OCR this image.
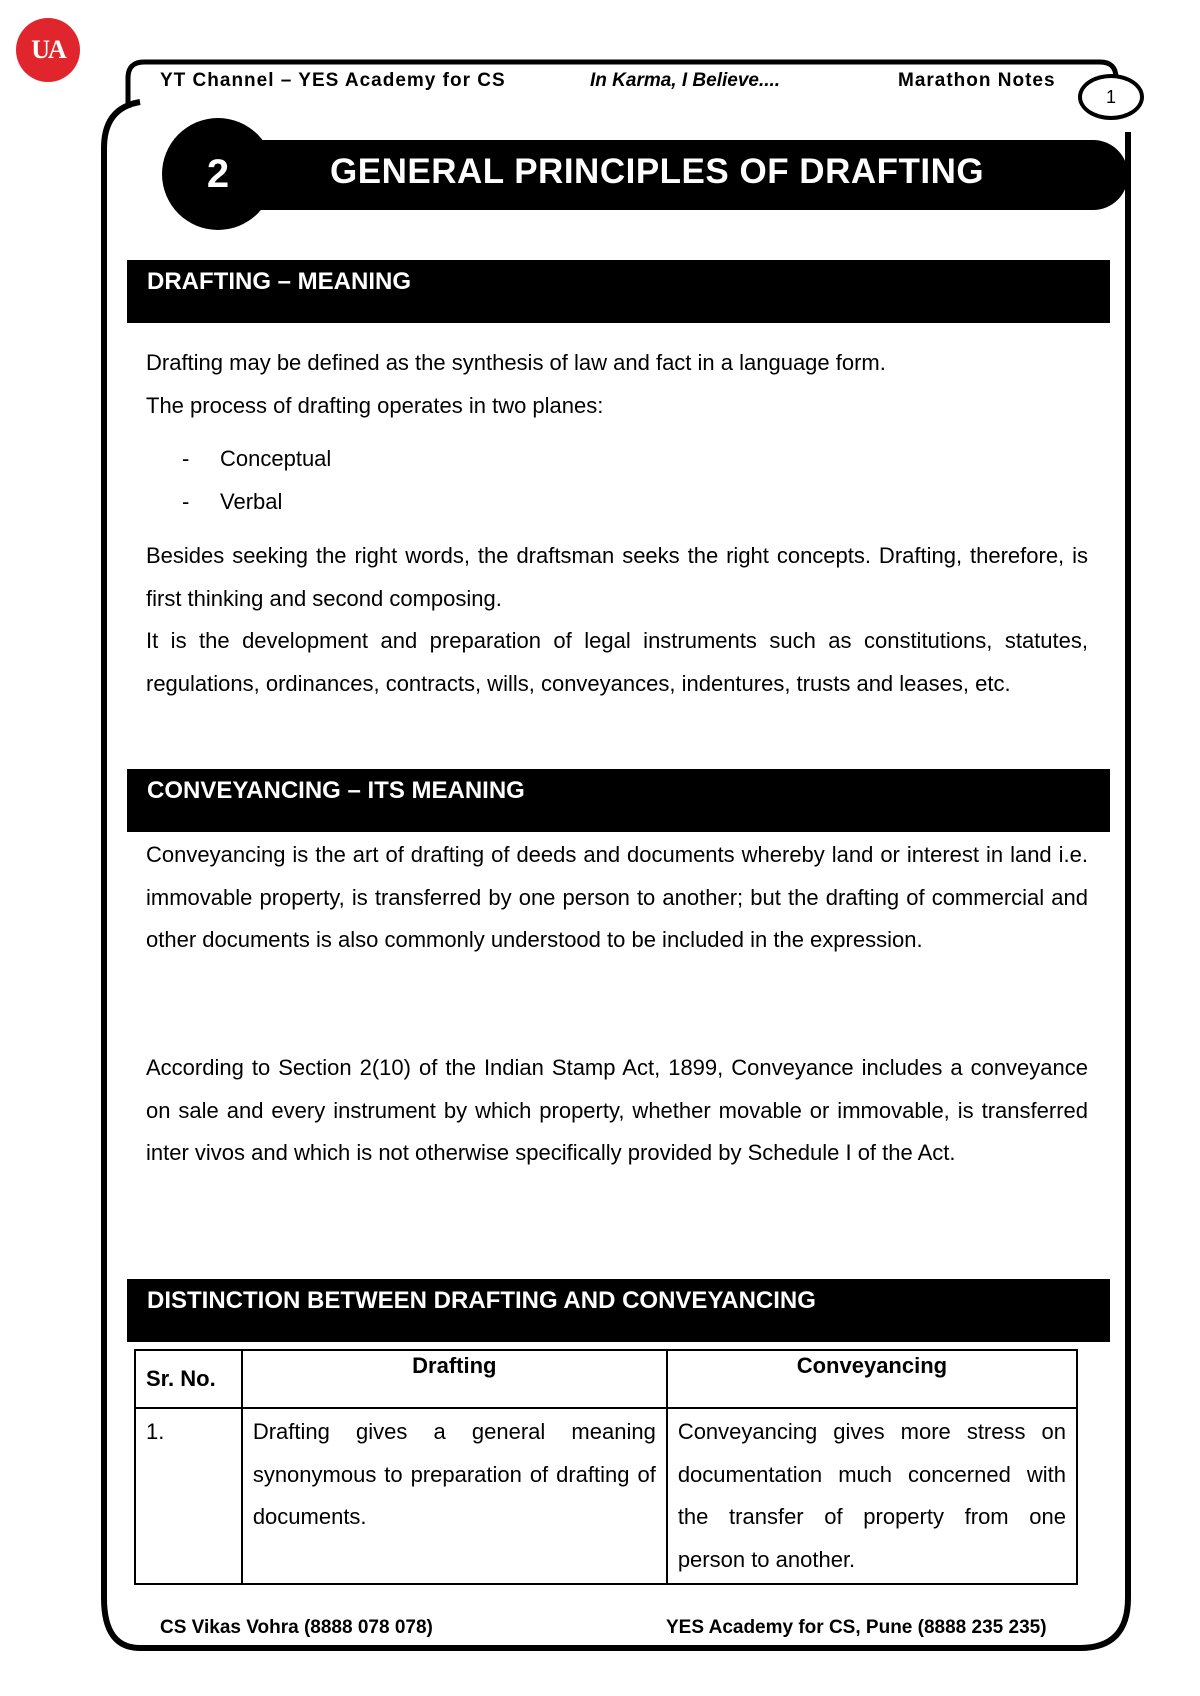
UA
YT Channel – YES Academy for CS	In Karma, I Believe....	Marathon Notes
1
2	GENERAL PRINCIPLES OF DRAFTING
DRAFTING – MEANING

Drafting may be defined as the synthesis of law and fact in a language form.

The process of drafting operates in two planes:

- Conceptual
- Verbal

Besides seeking the right words, the draftsman seeks the right concepts. Drafting, therefore, is first thinking and second composing.

It is the development and preparation of legal instruments such as constitutions, statutes, regulations, ordinances, contracts, wills, conveyances, indentures, trusts and leases, etc.

CONVEYANCING – ITS MEANING

Conveyancing is the art of drafting of deeds and documents whereby land or interest in land i.e. immovable property, is transferred by one person to another; but the drafting of commercial and other documents is also commonly understood to be included in the expression.

According to Section 2(10) of the Indian Stamp Act, 1899, Conveyance includes a conveyance on sale and every instrument by which property, whether movable or immovable, is transferred inter vivos and which is not otherwise specifically provided by Schedule I of the Act.

DISTINCTION BETWEEN DRAFTING AND CONVEYANCING
Sr. No.	Drafting	Conveyancing
1.	Drafting gives a general meaning synonymous to preparation of drafting of documents.	Conveyancing gives more stress on documentation much concerned with the transfer of property from one person to another.
CS Vikas Vohra (8888 078 078)	YES Academy for CS, Pune (8888 235 235)
